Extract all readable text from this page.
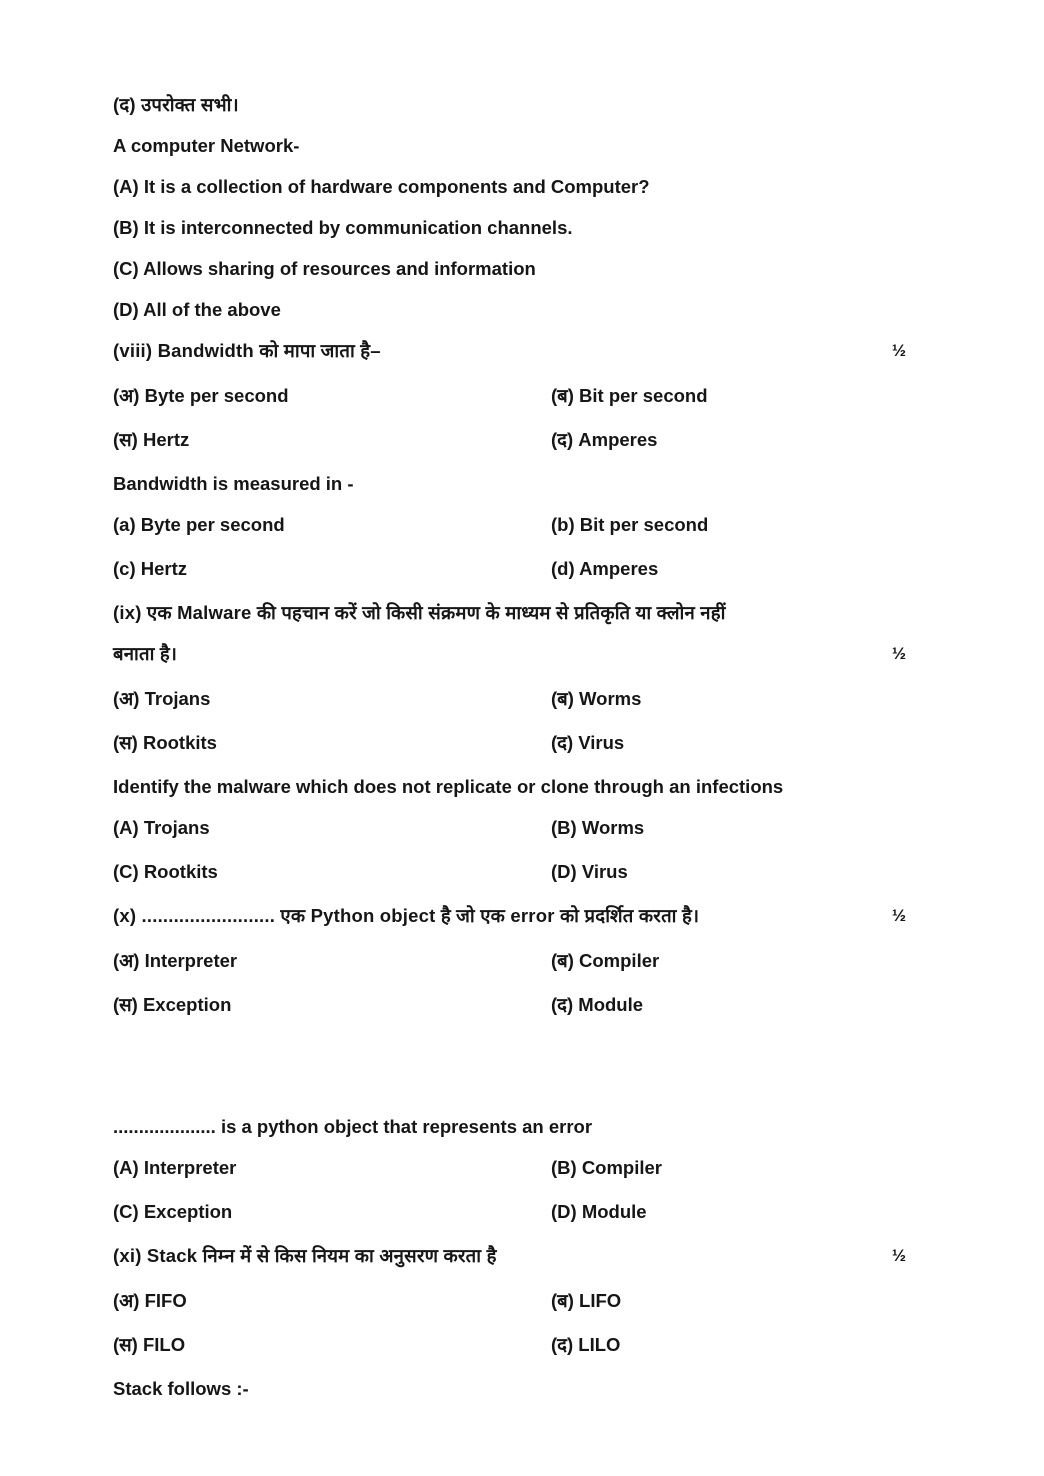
(द) उपरोक्त सभी।
A computer Network-
(A) It is a collection of hardware components and Computer?
(B) It is interconnected by communication channels.
(C) Allows sharing of resources and information
(D) All of the above
(viii) Bandwidth को मापा जाता है–	½
(अ) Byte per second	(ब) Bit per second
(स) Hertz	(द) Amperes
Bandwidth is measured in -
(a) Byte per second	(b) Bit per second
(c) Hertz	(d) Amperes
(ix) एक Malware की पहचान करें जो किसी संक्रमण के माध्यम से प्रतिकृति या क्लोन नहीं
बनाता है।	½
(अ) Trojans	(ब) Worms
(स) Rootkits	(द) Virus
Identify the malware which does not replicate or clone through an infections
(A) Trojans	(B) Worms
(C) Rootkits	(D) Virus
(x) ......................... एक Python object है जो एक error को प्रदर्शित करता है।	½
(अ) Interpreter	(ब) Compiler
(स) Exception	(द) Module
.................... is a python object that represents an error
(A) Interpreter	(B) Compiler
(C) Exception	(D) Module
(xi) Stack निम्न में से किस नियम का अनुसरण करता है	½
(अ) FIFO	(ब) LIFO
(स) FILO	(द) LILO
Stack follows :-
